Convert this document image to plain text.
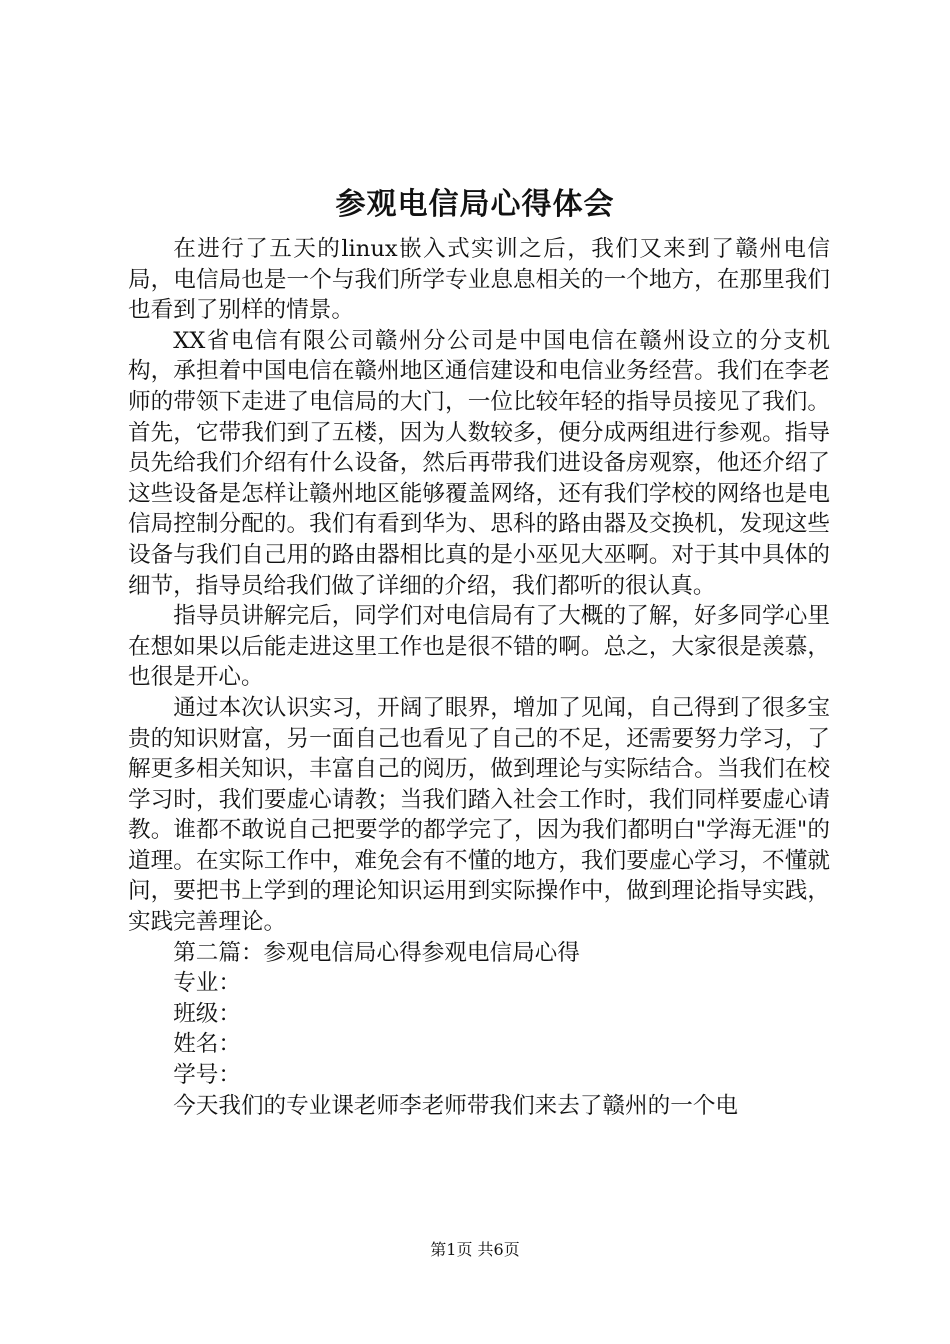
参观电信局心得体会

在进行了五天的linux嵌入式实训之后，我们又来到了赣州电信局，电信局也是一个与我们所学专业息息相关的一个地方，在那里我们也看到了别样的情景。

XX省电信有限公司赣州分公司是中国电信在赣州设立的分支机构，承担着中国电信在赣州地区通信建设和电信业务经营。我们在李老师的带领下走进了电信局的大门，一位比较年轻的指导员接见了我们。首先，它带我们到了五楼，因为人数较多，便分成两组进行参观。指导员先给我们介绍有什么设备，然后再带我们进设备房观察，他还介绍了这些设备是怎样让赣州地区能够覆盖网络，还有我们学校的网络也是电信局控制分配的。我们有看到华为、思科的路由器及交换机，发现这些设备与我们自己用的路由器相比真的是小巫见大巫啊。对于其中具体的细节，指导员给我们做了详细的介绍，我们都听的很认真。

指导员讲解完后，同学们对电信局有了大概的了解，好多同学心里在想如果以后能走进这里工作也是很不错的啊。总之，大家很是羡慕，也很是开心。

通过本次认识实习，开阔了眼界，增加了见闻，自己得到了很多宝贵的知识财富，另一面自己也看见了自己的不足，还需要努力学习，了解更多相关知识，丰富自己的阅历，做到理论与实际结合。当我们在校学习时，我们要虚心请教；当我们踏入社会工作时，我们同样要虚心请教。谁都不敢说自己把要学的都学完了，因为我们都明白"学海无涯"的道理。在实际工作中，难免会有不懂的地方，我们要虚心学习，不懂就问，要把书上学到的理论知识运用到实际操作中，做到理论指导实践，实践完善理论。

第二篇：参观电信局心得参观电信局心得

专业：

班级：

姓名：

学号：

今天我们的专业课老师李老师带我们来去了赣州的一个电

第1页 共6页
